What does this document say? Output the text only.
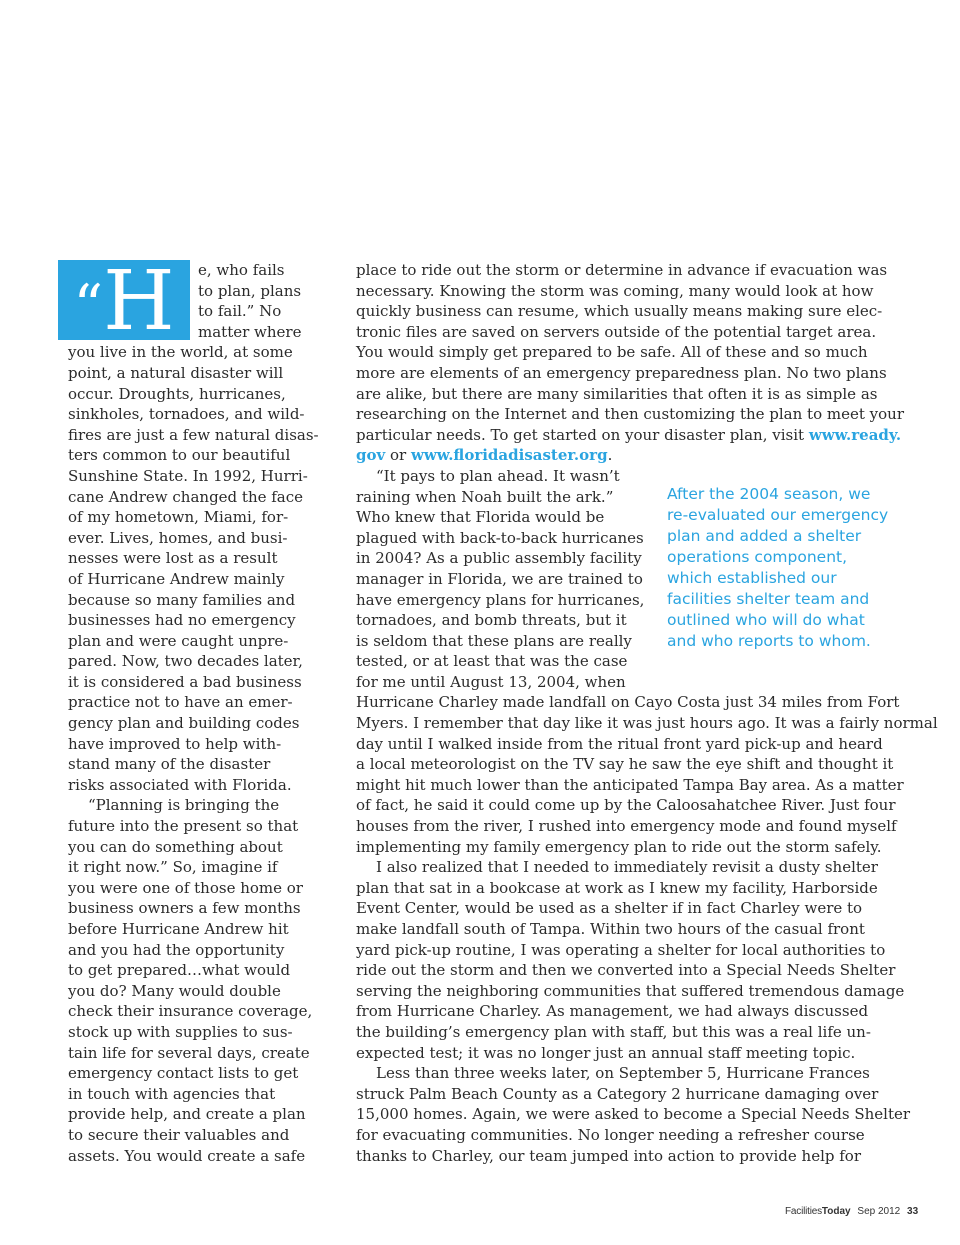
“H	e, who fails
to plan, plans
to fail.” No
matter where
you live in the world, at some
point, a natural disaster will
occur. Droughts, hurricanes,
sinkholes, tornadoes, and wild-
fires are just a few natural disas-
ters common to our beautiful
Sunshine State. In 1992, Hurri-
cane Andrew changed the face
of my hometown, Miami, for-
ever. Lives, homes, and busi-
nesses were lost as a result
of Hurricane Andrew mainly
because so many families and
businesses had no emergency
plan and were caught unpre-
pared. Now, two decades later,
it is considered a bad business
practice not to have an emer-
gency plan and building codes
have improved to help with-
stand many of the disaster
risks associated with Florida.

“Planning is bringing the
future into the present so that
you can do something about
it right now.” So, imagine if
you were one of those home or
business owners a few months
before Hurricane Andrew hit
and you had the opportunity
to get prepared…what would
you do? Many would double
check their insurance coverage,
stock up with supplies to sus-
tain life for several days, create
emergency contact lists to get
in touch with agencies that
provide help, and create a plan
to secure their valuables and
assets. You would create a safe

place to ride out the storm or determine in advance if evacuation was
necessary. Knowing the storm was coming, many would look at how
quickly business can resume, which usually means making sure elec-
tronic files are saved on servers outside of the potential target area.
You would simply get prepared to be safe. All of these and so much
more are elements of an emergency preparedness plan. No two plans
are alike, but there are many similarities that often it is as simple as
researching on the Internet and then customizing the plan to meet your

particular needs. To get started on your disaster plan, visit www.ready.
gov or www.floridadisaster.org.

“It pays to plan ahead. It wasn’t
raining when Noah built the ark.”
Who knew that Florida would be
plagued with back-to-back hurricanes
in 2004? As a public assembly facility
manager in Florida, we are trained to
have emergency plans for hurricanes,
tornadoes, and bomb threats, but it
is seldom that these plans are really
tested, or at least that was the case
for me until August 13, 2004, when

Hurricane Charley made landfall on Cayo Costa just 34 miles from Fort
Myers. I remember that day like it was just hours ago. It was a fairly normal
day until I walked inside from the ritual front yard pick-up and heard
a local meteorologist on the TV say he saw the eye shift and thought it
might hit much lower than the anticipated Tampa Bay area. As a matter
of fact, he said it could come up by the Caloosahatchee River. Just four
houses from the river, I rushed into emergency mode and found myself
implementing my family emergency plan to ride out the storm safely.

I also realized that I needed to immediately revisit a dusty shelter
plan that sat in a bookcase at work as I knew my facility, Harborside
Event Center, would be used as a shelter if in fact Charley were to
make landfall south of Tampa. Within two hours of the casual front
yard pick-up routine, I was operating a shelter for local authorities to
ride out the storm and then we converted into a Special Needs Shelter
serving the neighboring communities that suffered tremendous damage
from Hurricane Charley. As management, we had always discussed
the building’s emergency plan with staff, but this was a real life un-
expected test; it was no longer just an annual staff meeting topic.

Less than three weeks later, on September 5, Hurricane Frances
struck Palm Beach County as a Category 2 hurricane damaging over
15,000 homes. Again, we were asked to become a Special Needs Shelter
for evacuating communities. No longer needing a refresher course
thanks to Charley, our team jumped into action to provide help for

After the 2004 season, we
re-evaluated our emergency
plan and added a shelter
operations component,
which established our
facilities shelter team and
outlined who will do what
and who reports to whom.
FacilitiesToday Sep 2012 33
